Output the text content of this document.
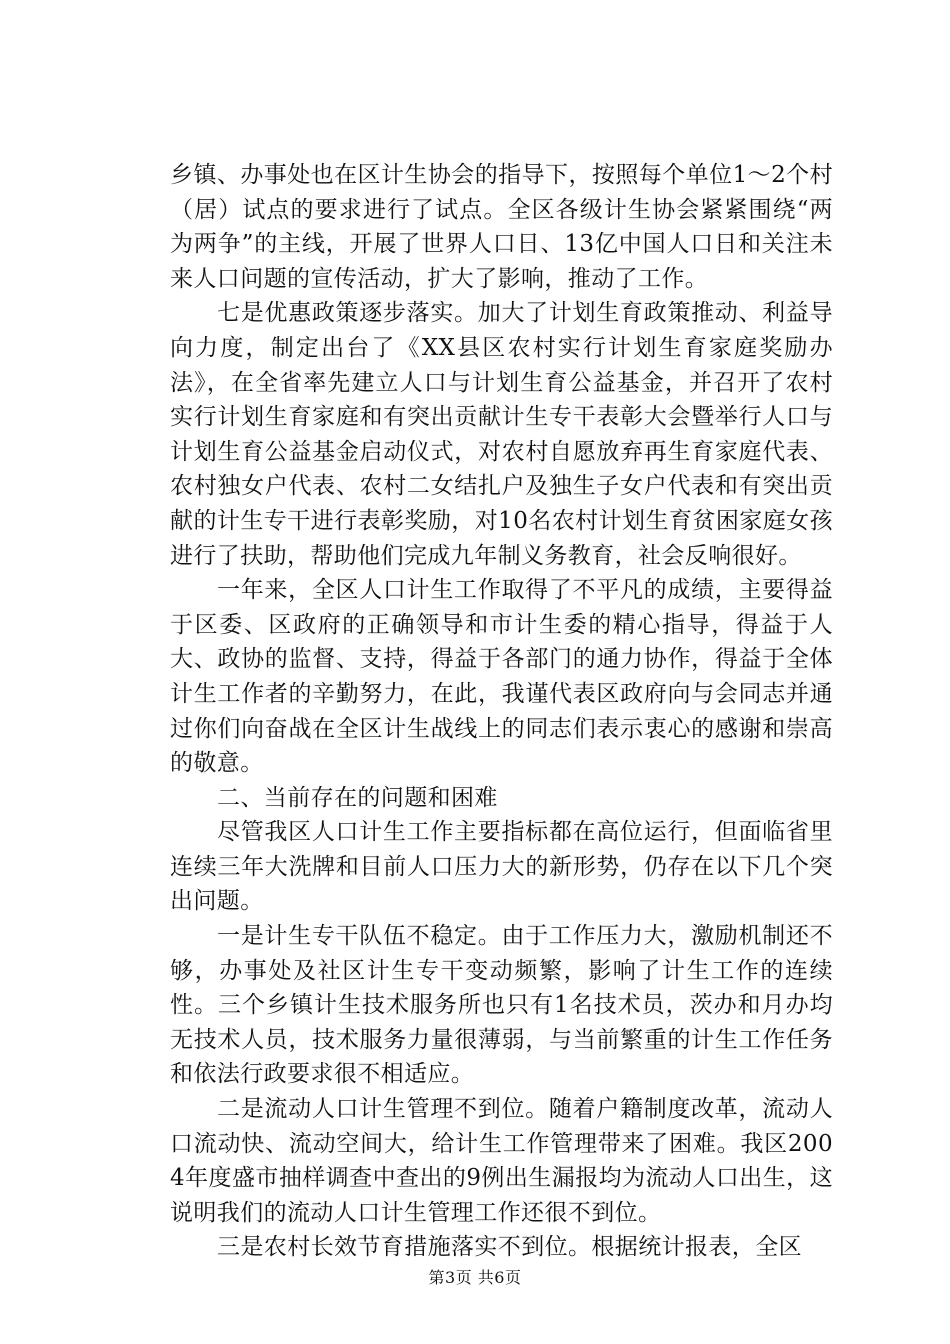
乡镇、办事处也在区计生协会的指导下，按照每个单位1～2个村（居）试点的要求进行了试点。全区各级计生协会紧紧围绕“两为两争”的主线，开展了世界人口日、13亿中国人口日和关注未来人口问题的宣传活动，扩大了影响，推动了工作。

七是优惠政策逐步落实。加大了计划生育政策推动、利益导向力度，制定出台了《XX县区农村实行计划生育家庭奖励办法》，在全省率先建立人口与计划生育公益基金，并召开了农村实行计划生育家庭和有突出贡献计生专干表彰大会暨举行人口与计划生育公益基金启动仪式，对农村自愿放弃再生育家庭代表、农村独女户代表、农村二女结扎户及独生子女户代表和有突出贡献的计生专干进行表彰奖励，对10名农村计划生育贫困家庭女孩进行了扶助，帮助他们完成九年制义务教育，社会反响很好。

一年来，全区人口计生工作取得了不平凡的成绩，主要得益于区委、区政府的正确领导和市计生委的精心指导，得益于人大、政协的监督、支持，得益于各部门的通力协作，得益于全体计生工作者的辛勤努力，在此，我谨代表区政府向与会同志并通过你们向奋战在全区计生战线上的同志们表示衷心的感谢和崇高的敬意。

二、当前存在的问题和困难

尽管我区人口计生工作主要指标都在高位运行，但面临省里连续三年大洗牌和目前人口压力大的新形势，仍存在以下几个突出问题。

一是计生专干队伍不稳定。由于工作压力大，激励机制还不够，办事处及社区计生专干变动频繁，影响了计生工作的连续性。三个乡镇计生技术服务所也只有1名技术员，茨办和月办均无技术人员，技术服务力量很薄弱，与当前繁重的计生工作任务和依法行政要求很不相适应。

二是流动人口计生管理不到位。随着户籍制度改革，流动人口流动快、流动空间大，给计生工作管理带来了困难。我区2004年度盛市抽样调查中查出的9例出生漏报均为流动人口出生，这说明我们的流动人口计生管理工作还很不到位。

三是农村长效节育措施落实不到位。根据统计报表，全区

第3页 共6页
